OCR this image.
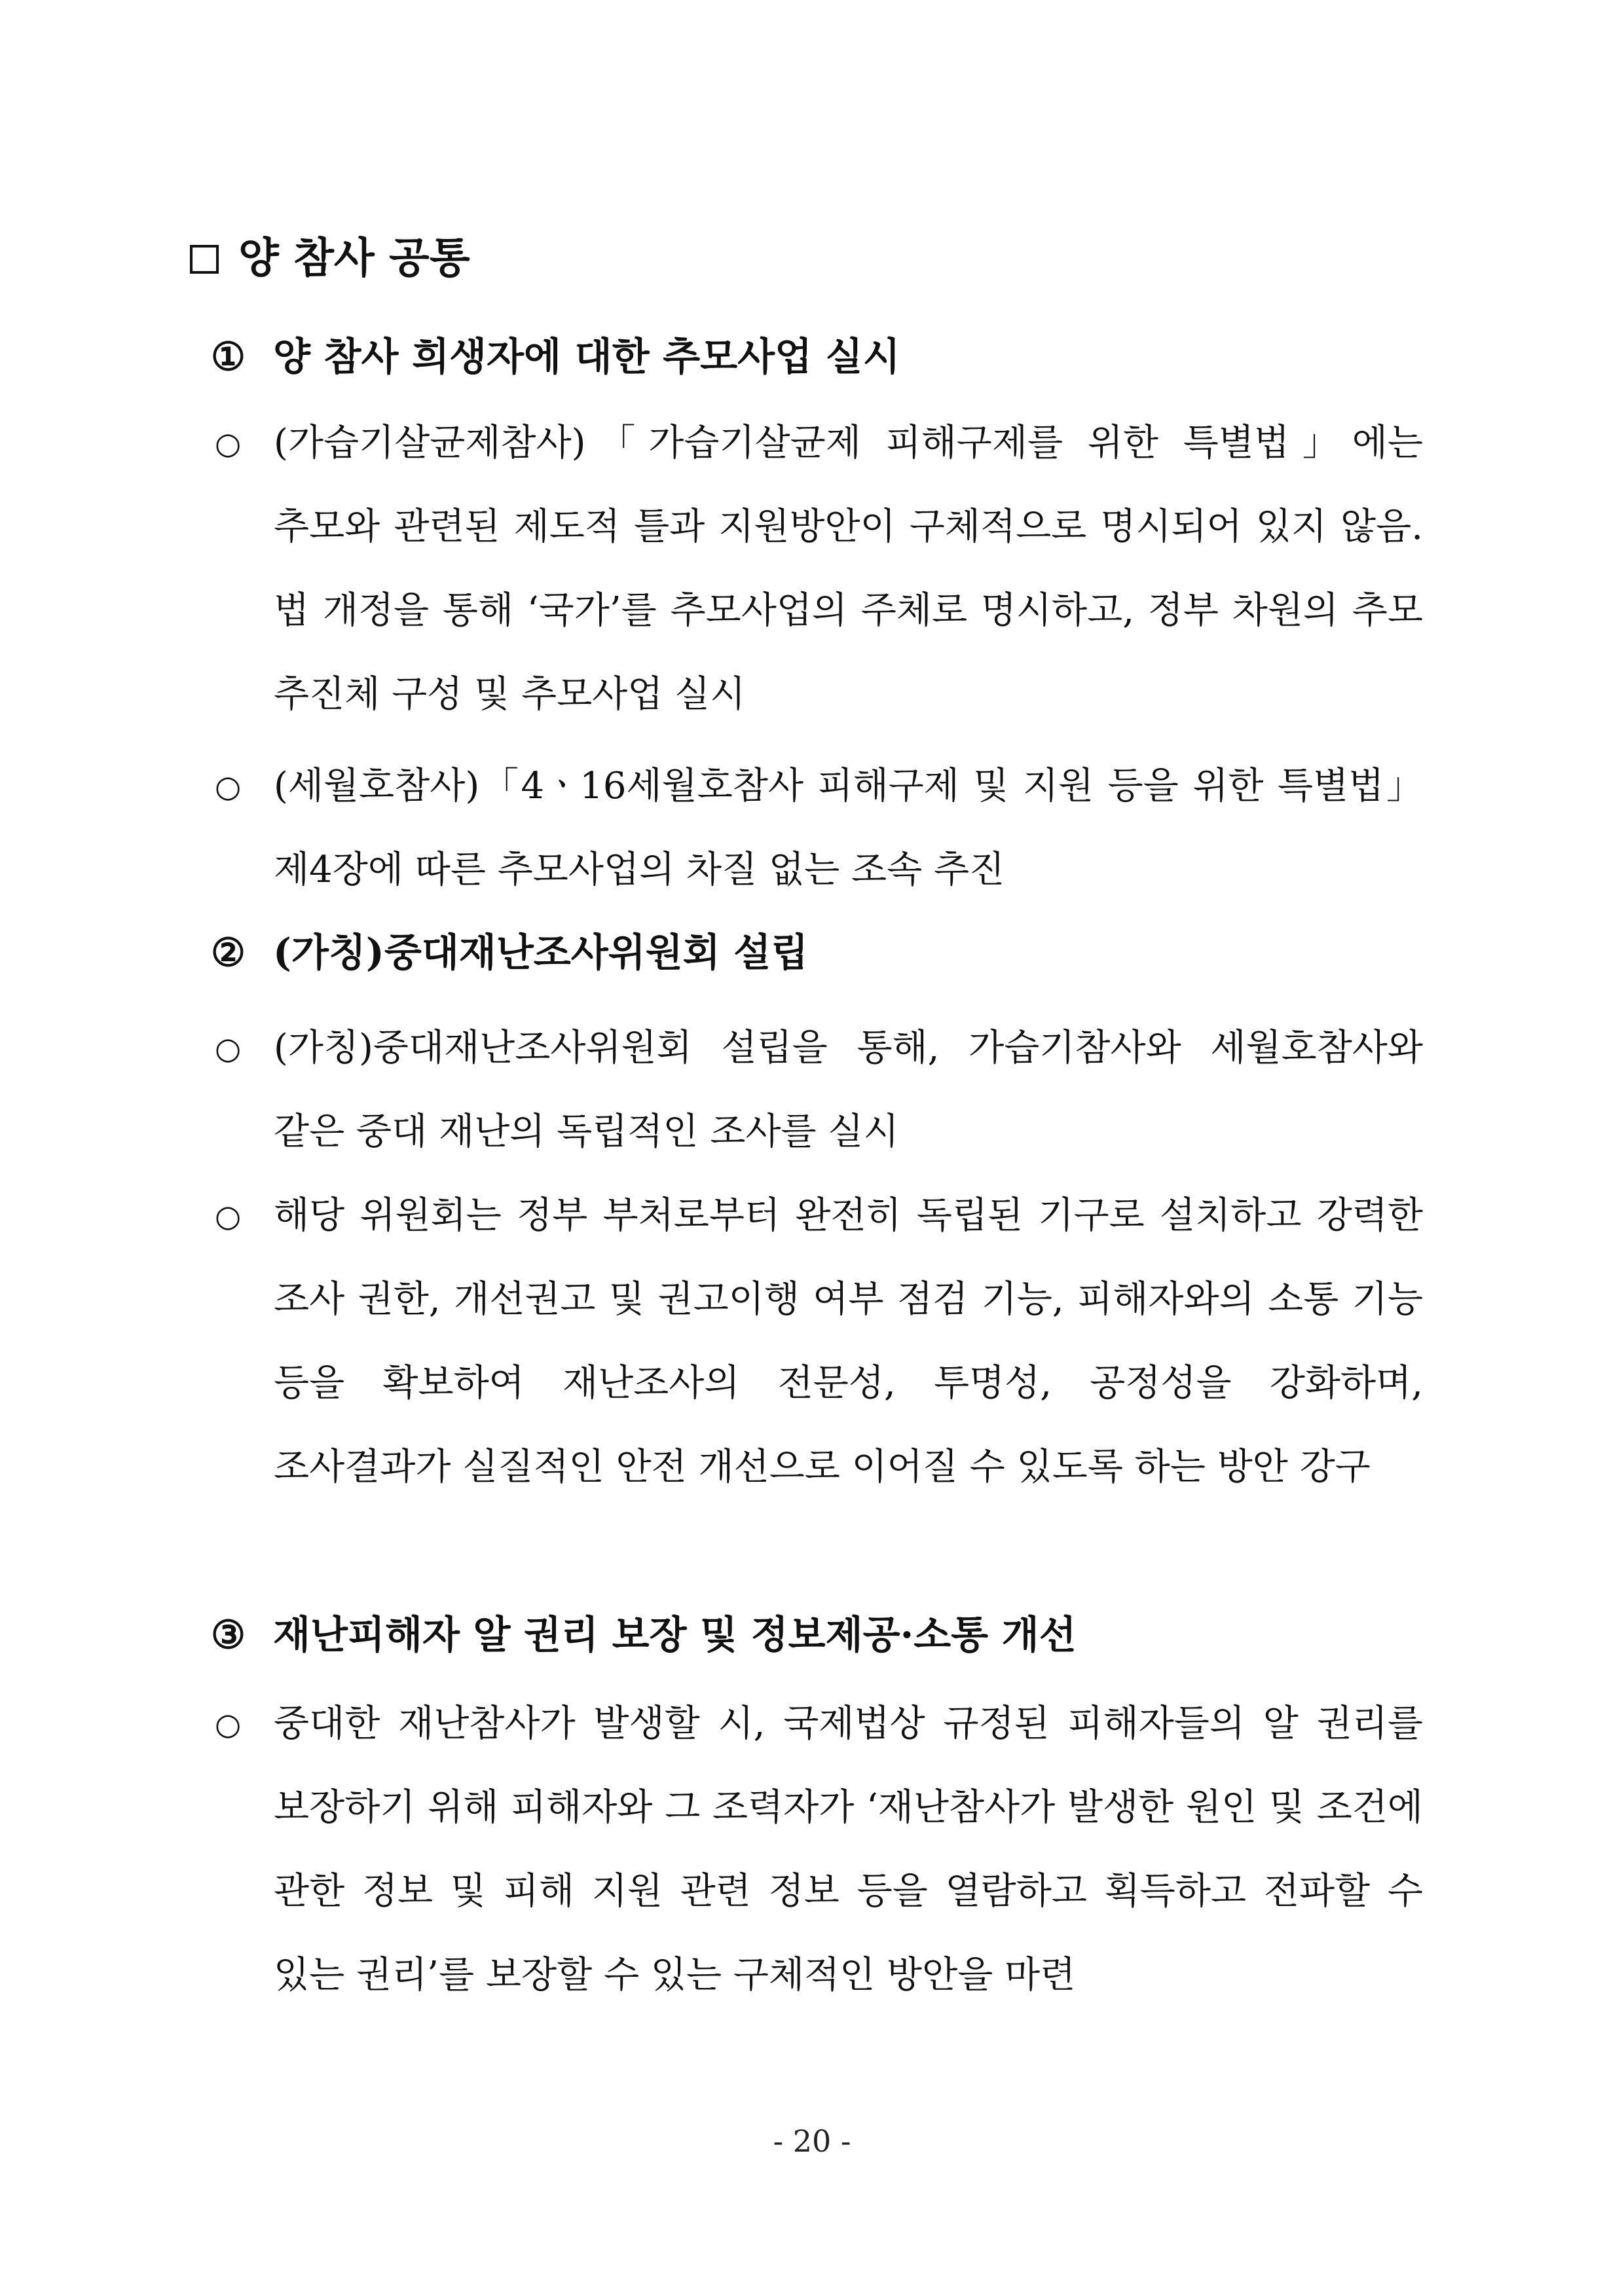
양 참사 공통
① 양 참사 희생자에 대한 추모사업 실시

○ (가습기살균제참사)「가습기살균제 피해구제를 위한 특별법」에는 추모와 관련된 제도적 틀과 지원방안이 구체적으로 명시되어 있지 않음. 법 개정을 통해 ‘국가’를 추모사업의 주체로 명시하고, 정부 차원의 추모 추진체 구성 및 추모사업 실시

○ (세월호참사)「4ㆍ16세월호참사 피해구제 및 지원 등을 위한 특별법」 제4장에 따른 추모사업의 차질 없는 조속 추진

② (가칭)중대재난조사위원회 설립

○ (가칭)중대재난조사위원회 설립을 통해, 가습기참사와 세월호참사와 같은 중대 재난의 독립적인 조사를 실시

○ 해당 위원회는 정부 부처로부터 완전히 독립된 기구로 설치하고 강력한 조사 권한, 개선권고 및 권고이행 여부 점검 기능, 피해자와의 소통 기능 등을 확보하여 재난조사의 전문성, 투명성, 공정성을 강화하며, 조사결과가 실질적인 안전 개선으로 이어질 수 있도록 하는 방안 강구

③ 재난피해자 알 권리 보장 및 정보제공·소통 개선

○ 중대한 재난참사가 발생할 시, 국제법상 규정된 피해자들의 알 권리를 보장하기 위해 피해자와 그 조력자가 ‘재난참사가 발생한 원인 및 조건에 관한 정보 및 피해 지원 관련 정보 등을 열람하고 획득하고 전파할 수 있는 권리’를 보장할 수 있는 구체적인 방안을 마련

- 20 -
